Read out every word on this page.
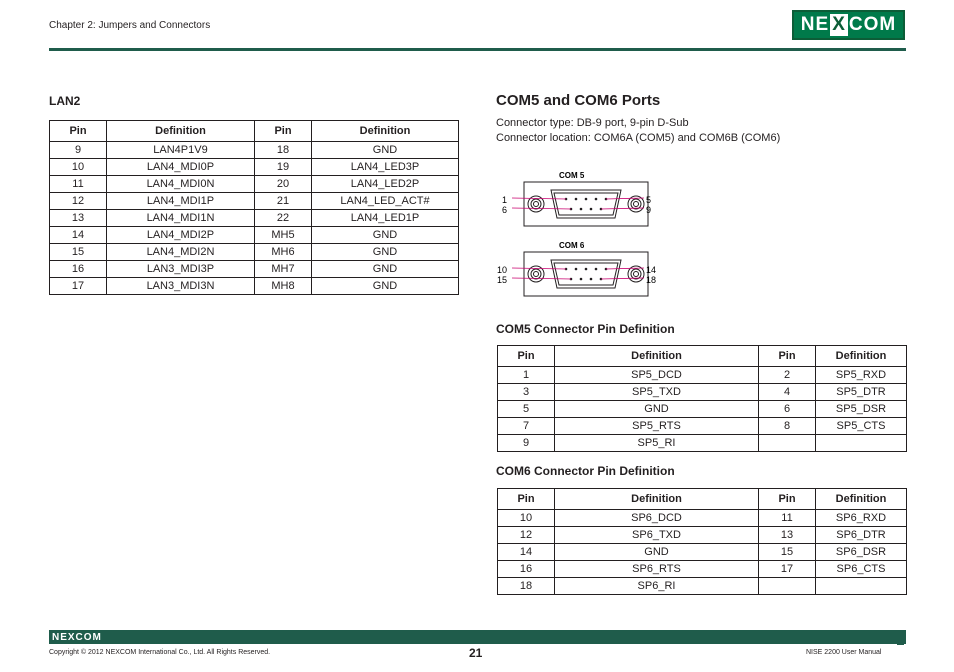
Chapter 2: Jumpers and Connectors	NE X COM
LAN2
Pin	Definition	Pin	Definition
9	LAN4P1V9	18	GND
10	LAN4_MDI0P	19	LAN4_LED3P
11	LAN4_MDI0N	20	LAN4_LED2P
12	LAN4_MDI1P	21	LAN4_LED_ACT#
13	LAN4_MDI1N	22	LAN4_LED1P
14	LAN4_MDI2P	MH5	GND
15	LAN4_MDI2N	MH6	GND
16	LAN3_MDI3P	MH7	GND
17	LAN3_MDI3N	MH8	GND
COM5 and COM6 Ports
Connector type: DB-9 port, 9-pin D-Sub
Connector location: COM6A (COM5) and COM6B (COM6)
COM 5
1
6
5
9
COM 6
10
15
14
18
COM5 Connector Pin Definition
Pin	Definition	Pin	Definition
1	SP5_DCD	2	SP5_RXD
3	SP5_TXD	4	SP5_DTR
5	GND	6	SP5_DSR
7	SP5_RTS	8	SP5_CTS
9	SP5_RI		
COM6 Connector Pin Definition
Pin	Definition	Pin	Definition
10	SP6_DCD	11	SP6_RXD
12	SP6_TXD	13	SP6_DTR
14	GND	15	SP6_DSR
16	SP6_RTS	17	SP6_CTS
18	SP6_RI		
NEXCOM
21
Copyright © 2012 NEXCOM International Co., Ltd. All Rights Reserved.	NISE 2200 User Manual
